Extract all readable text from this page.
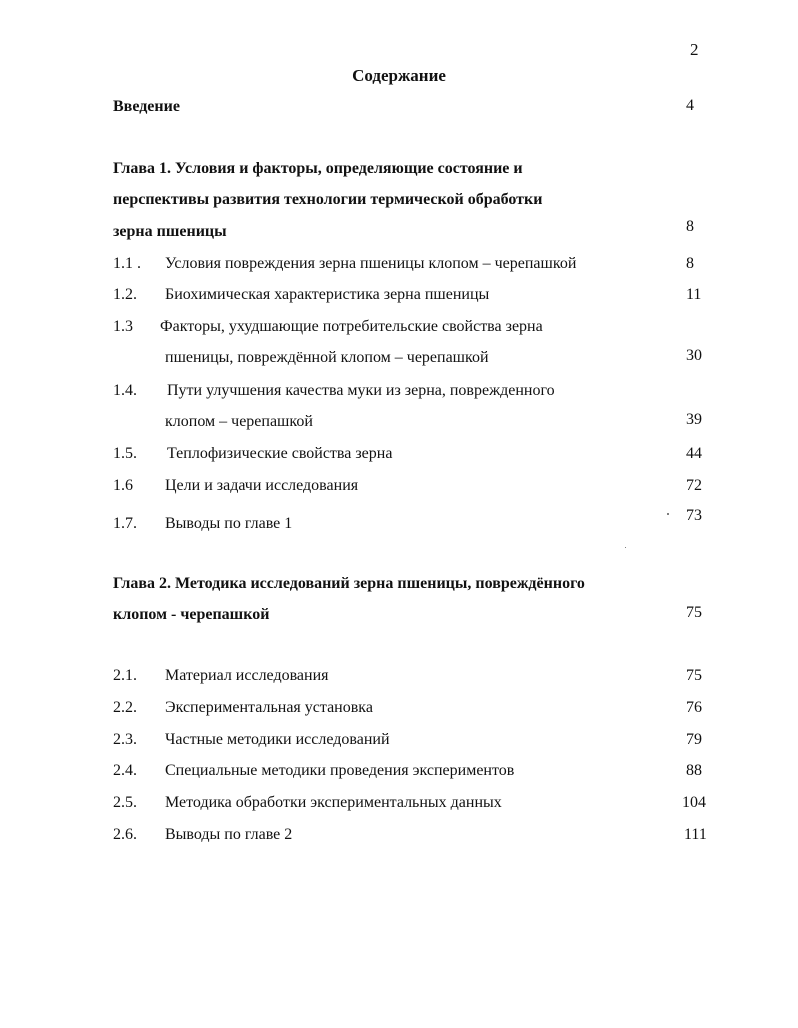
2
Содержание
Введение	4
Глава 1. Условия и факторы, определяющие состояние и
перспективы развития технологии термической обработки
зерна пшеницы	8
1.1 . Условия повреждения зерна пшеницы клопом – черепашкой	8
1.2. Биохимическая характеристика зерна пшеницы	11
1.3 Факторы, ухудшающие потребительские свойства зерна
пшеницы, повреждённой клопом – черепашкой	30
1.4. Пути улучшения качества муки из зерна, поврежденного
клопом – черепашкой	39
1.5. Теплофизические свойства зерна	44
1.6 Цели и задачи исследования	72
1.7. Выводы по главе 1	73
Глава 2. Методика исследований зерна пшеницы, повреждённого
клопом - черепашкой	75
2.1. Материал исследования	75
2.2. Экспериментальная установка	76
2.3. Частные методики исследований	79
2.4. Специальные методики проведения экспериментов	88
2.5. Методика обработки экспериментальных данных	104
2.6. Выводы по главе 2	111
